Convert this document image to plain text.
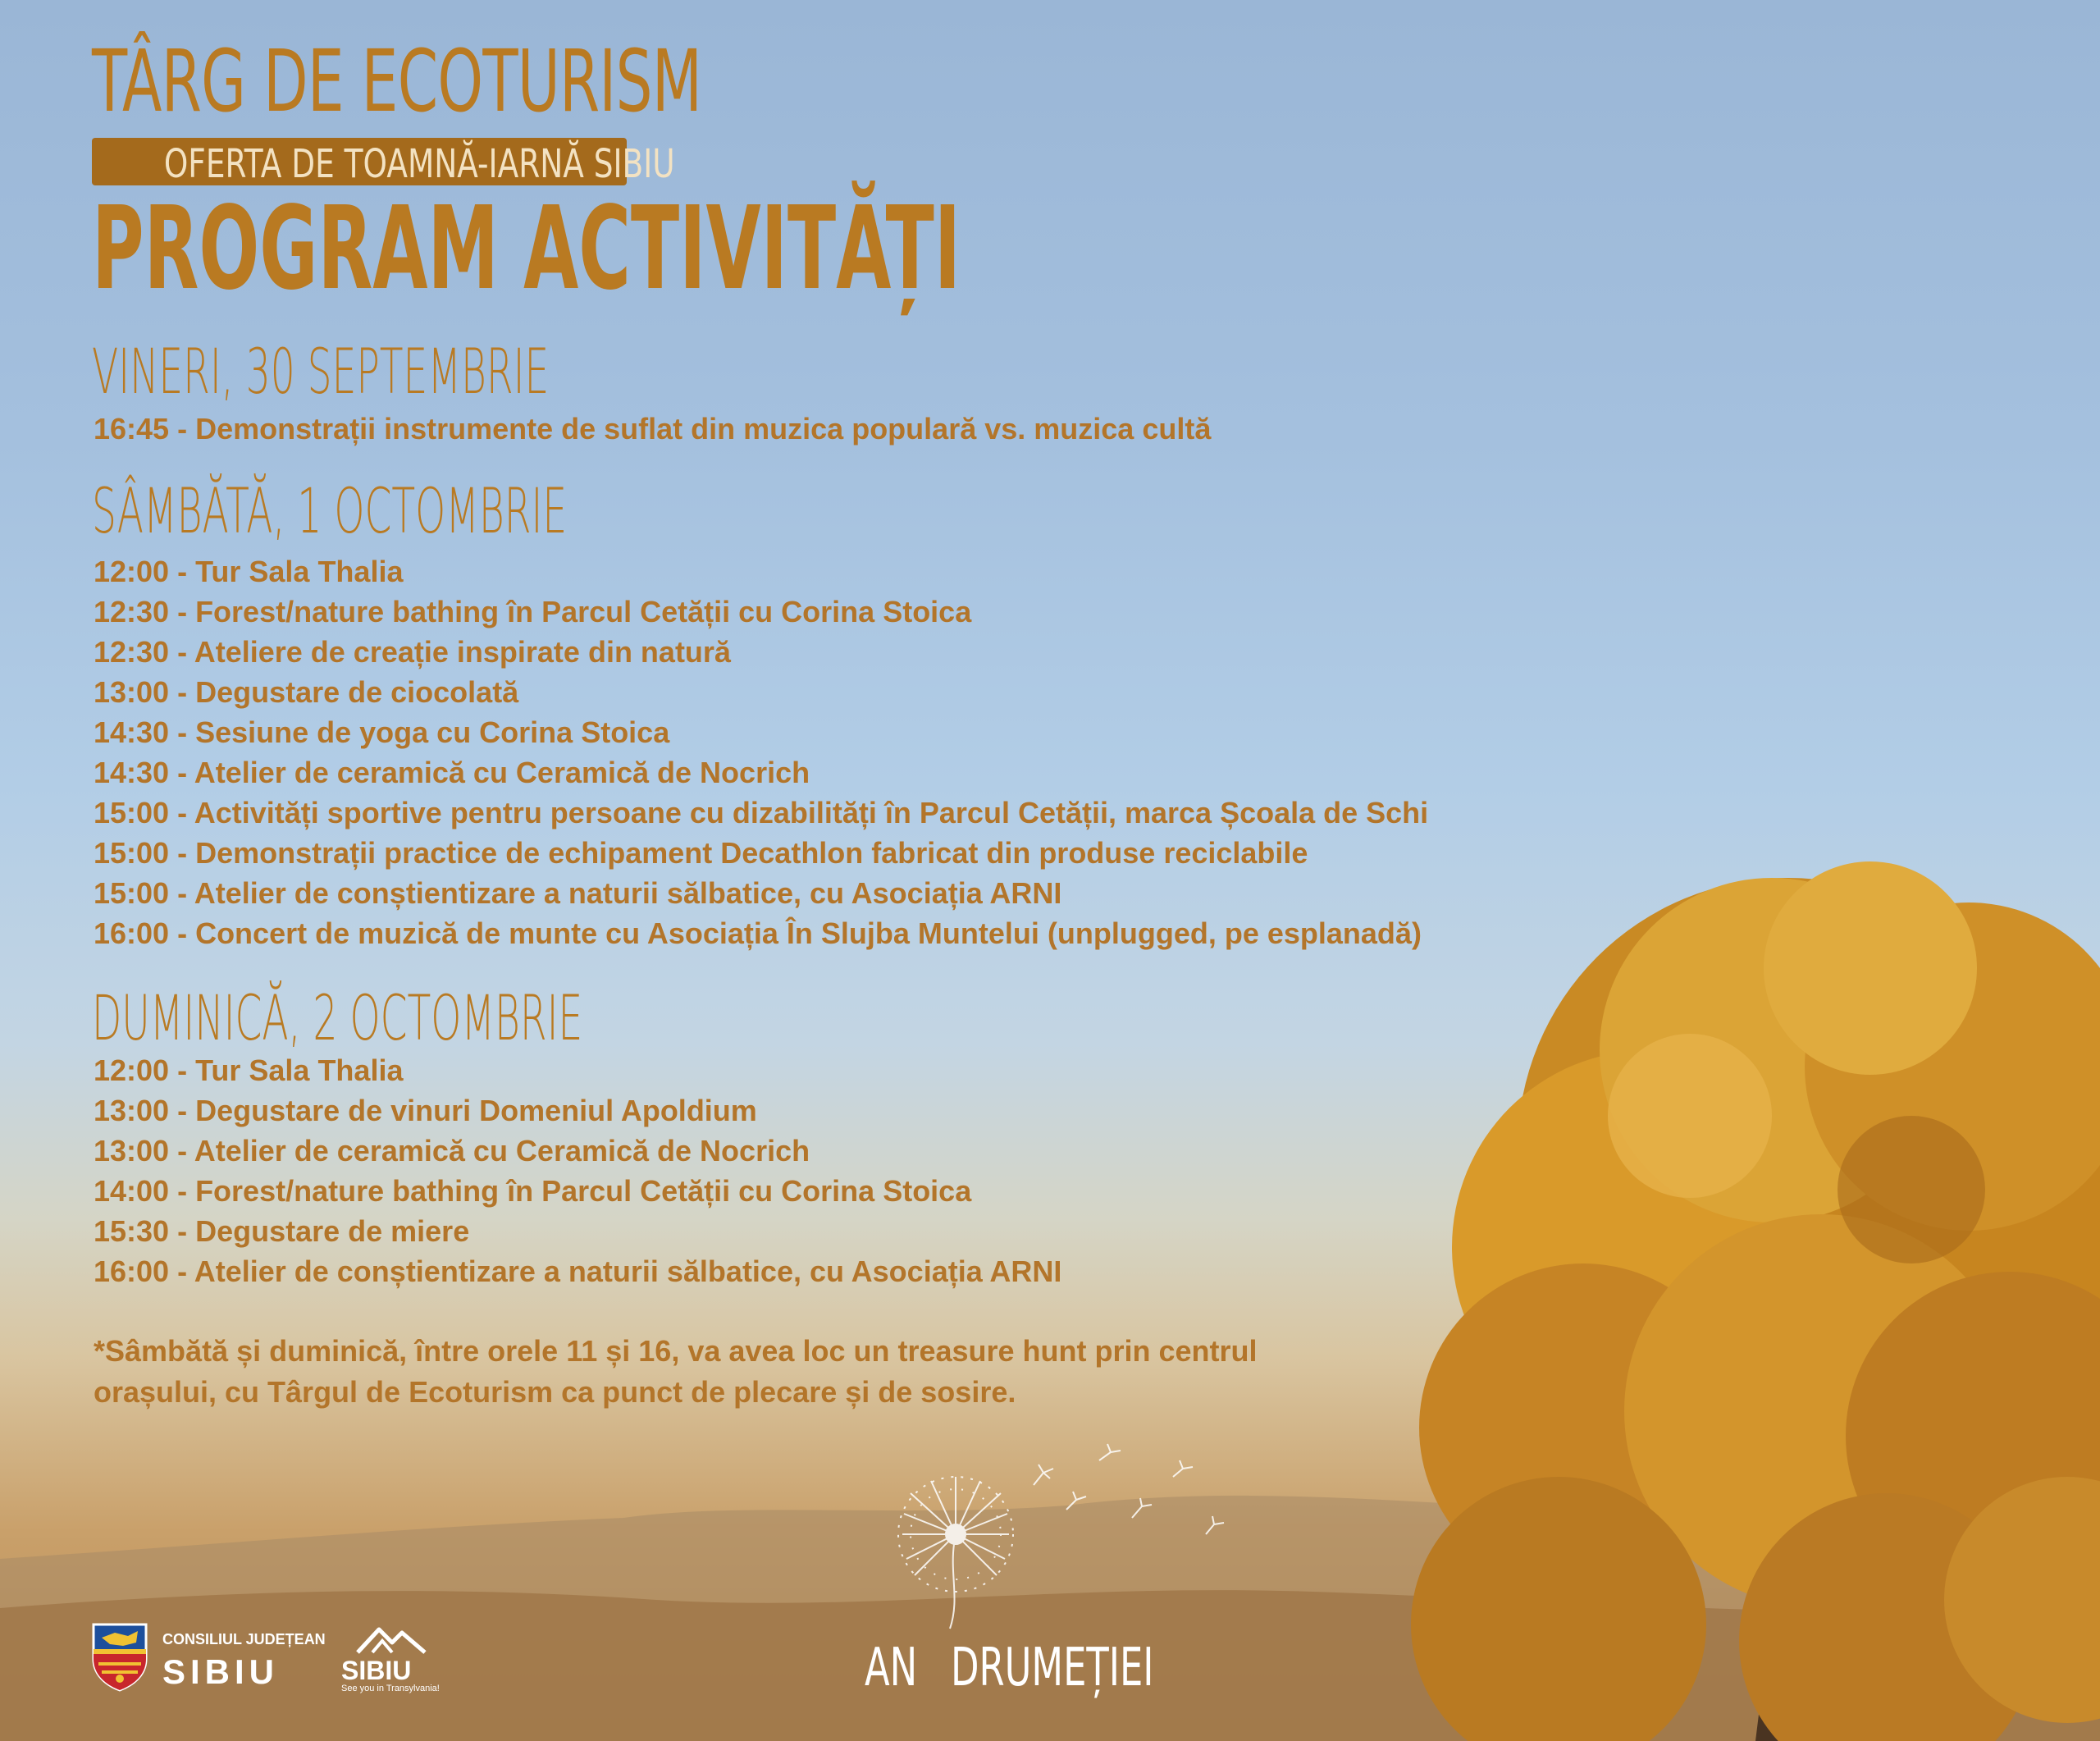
TÂRG DE ECOTURISM
OFERTA DE TOAMNĂ-IARNĂ SIBIU
PROGRAM ACTIVITĂȚI
VINERI, 30 SEPTEMBRIE
16:45 - Demonstrații instrumente de suflat din muzica populară vs. muzica cultă
SÂMBĂTĂ, 1 OCTOMBRIE
12:00 - Tur Sala Thalia
12:30 - Forest/nature bathing în Parcul Cetății cu Corina Stoica
12:30 - Ateliere de creație inspirate din natură
13:00 - Degustare de ciocolată
14:30 - Sesiune de yoga cu Corina Stoica
14:30 - Atelier de ceramică cu Ceramică de Nocrich
15:00 - Activități sportive pentru persoane cu dizabilități în Parcul Cetății, marca Școala de Schi
15:00 - Demonstrații practice de echipament Decathlon fabricat din produse reciclabile
15:00 - Atelier de conștientizare a naturii sălbatice, cu Asociația ARNI
16:00 - Concert de muzică de munte cu Asociația În Slujba Muntelui (unplugged, pe esplanadă)
DUMINICĂ, 2 OCTOMBRIE
12:00 - Tur Sala Thalia
13:00 - Degustare de vinuri Domeniul Apoldium
13:00 - Atelier de ceramică cu Ceramică de Nocrich
14:00 - Forest/nature bathing în Parcul Cetății cu Corina Stoica
15:30 - Degustare de miere
16:00 - Atelier de conștientizare a naturii sălbatice, cu Asociația ARNI
*Sâmbătă și duminică, între orele 11 și 16, va avea loc un treasure hunt prin centrul
orașului, cu Târgul de Ecoturism ca punct de plecare și de sosire.
CONSILIUL JUDEȚEAN
SIBIU SIBIU
See you in Transylvania!	AN DRUMEȚIEI
